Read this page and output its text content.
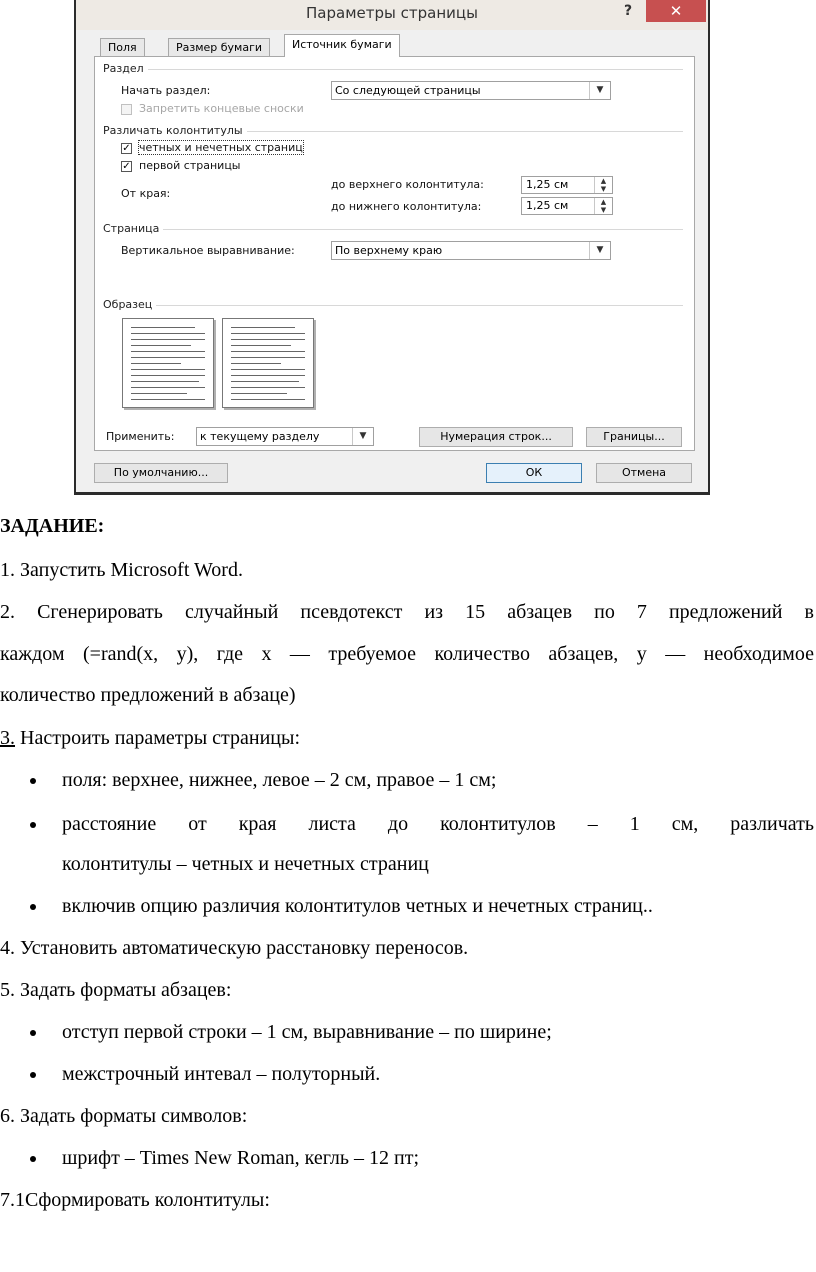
Параметры страницы	?	✕
Поля	Размер бумаги	Источник бумаги
Раздел
Начать раздел:	Со следующей страницы	▼
Запретить концевые сноски
Различать колонтитулы
✓ четных и нечетных страниц
✓ первой страницы
От края:
до верхнего колонтитула:	1,25 см	▲
▼
до нижнего колонтитула:	1,25 см	▲
▼
Страница
Вертикальное выравнивание:	По верхнему краю	▼
Образец
Применить:	к текущему разделу	▼	Нумерация строк...	Границы...
По умолчанию...	ОК	Отмена
ЗАДАНИЕ:
1. Запустить Microsoft Word.
2. Сгенерировать случайный псевдотекст из 15 абзацев по 7 предложений в
каждом (=rand(x, y), где x — требуемое количество абзацев, y — необходимое
количество предложений в абзаце)
3. Настроить параметры страницы:
поля: верхнее, нижнее, левое – 2 см, правое – 1 см;
расстояние от края листа до колонтитулов – 1 см, различать
колонтитулы – четных и нечетных страниц
включив опцию различия колонтитулов четных и нечетных страниц..
4. Установить автоматическую расстановку переносов.
5. Задать форматы абзацев:
отступ первой строки – 1 см, выравнивание – по ширине;
межстрочный интевал – полуторный.
6. Задать форматы символов:
шрифт – Times New Roman, кегль – 12 пт;
7.1Сформировать колонтитулы:
